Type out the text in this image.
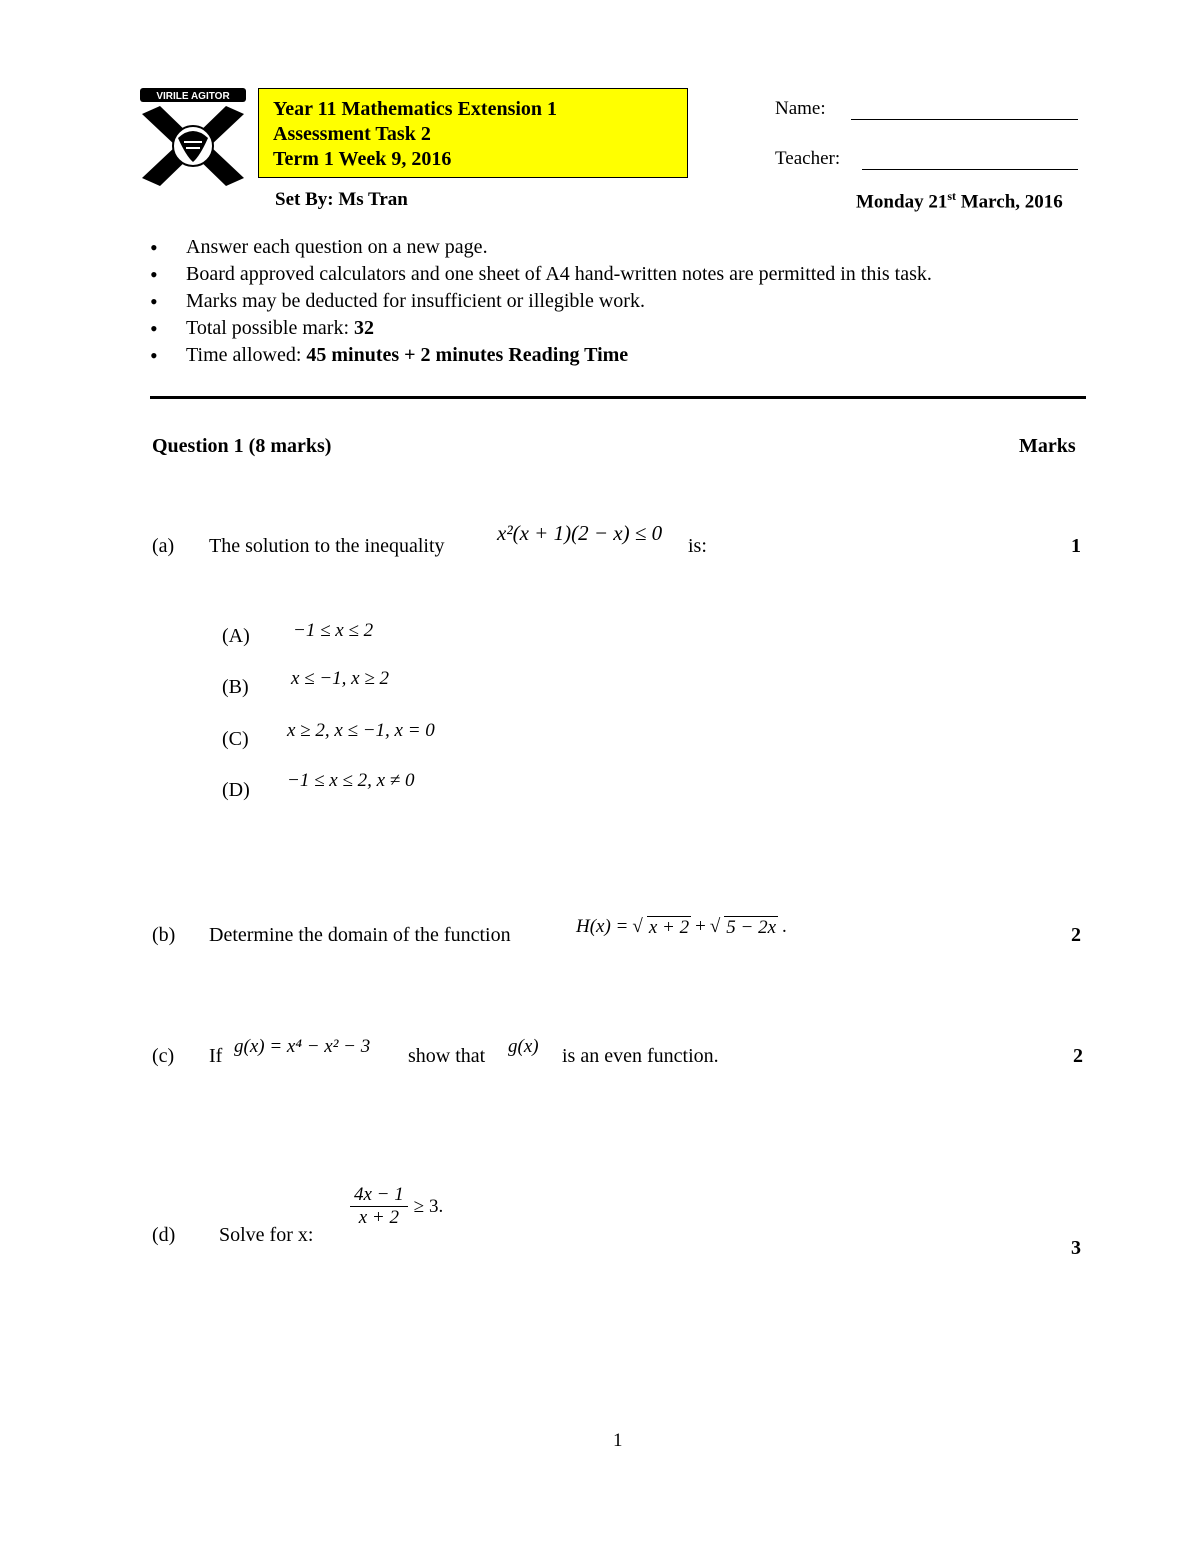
VIRILE AGITOR
Year 11 Mathematics Extension 1
Assessment Task 2
Term 1 Week 9, 2016
Name:
Teacher:
Set By: Ms Tran	Monday 21st March, 2016
• Answer each question on a new page.
• Board approved calculators and one sheet of A4 hand-written notes are permitted in this task.
• Marks may be deducted for insufficient or illegible work.
• Total possible mark: 32
• Time allowed: 45 minutes + 2 minutes Reading Time
Question 1 (8 marks)	Marks
(a) The solution to the inequality
x²(x + 1)(2 − x) ≤ 0
is:	1
(A) −1 ≤ x ≤ 2
(B) x ≤ −1, x ≥ 2
(C) x ≥ 2, x ≤ −1, x = 0
(D) −1 ≤ x ≤ 2, x ≠ 0
(b) Determine the domain of the function	H(x) = √ x + 2 + √ 5 − 2x .	2
(c) If g(x) = x⁴ − x² − 3 show that g(x) is an even function.	2
(d) Solve for x:
$\frac{4x - 1}{x + 2} \ge 3$.
3
1
